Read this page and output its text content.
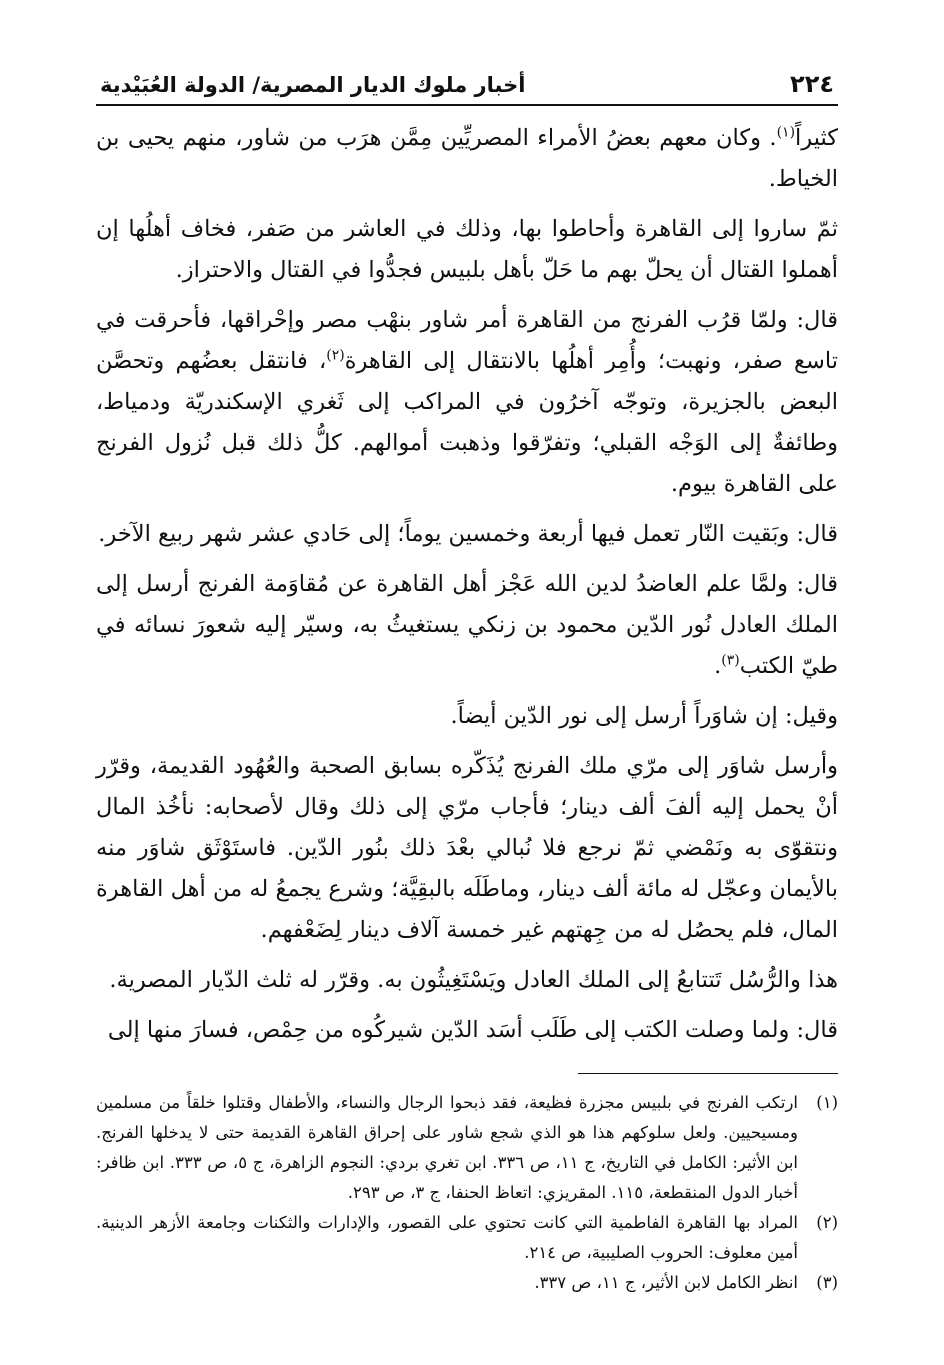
٢٢٤
أخبار ملوك الديار المصرية/ الدولة العُبَيْدية

كثيراً$^{(١)}$. وكان معهم بعضُ الأمراء المصريِّين مِمَّن هرَب من شاور، منهم يحيى بن الخياط.

ثمّ ساروا إلى القاهرة وأحاطوا بها، وذلك في العاشر من صَفر، فخاف أهلُها إن أهملوا القتال أن يحلّ بهم ما حَلّ بأهل بلبيس فجدُّوا في القتال والاحتراز.

قال: ولمّا قرُب الفرنج من القاهرة أمر شاور بنهْب مصر وإحْراقها، فأحرقت في تاسع صفر، ونهبت؛ وأُمِر أهلُها بالانتقال إلى القاهرة$^{(٢)}$، فانتقل بعضُهم وتحصَّن البعض بالجزيرة، وتوجّه آخرُون في المراكب إلى ثَغري الإسكندريّة ودمياط، وطائفةٌ إلى الوَجْه القبلي؛ وتفرّقوا وذهبت أموالهم. كلُّ ذلك قبل نُزول الفرنج على القاهرة بيوم.

قال: وبَقيت النّار تعمل فيها أربعة وخمسين يوماً؛ إلى حَادي عشر شهر ربيع الآخر.

قال: ولمَّا علم العاضدُ لدين الله عَجْز أهل القاهرة عن مُقاوَمة الفرنج أرسل إلى الملك العادل نُور الدّين محمود بن زنكي يستغيثُ به، وسيّر إليه شعورَ نسائه في طيّ الكتب$^{(٣)}$.

وقيل: إن شاوَراً أرسل إلى نور الدّين أيضاً.

وأرسل شاوَر إلى مرّي ملك الفرنج يُذَكّره بسابق الصحبة والعُهُود القديمة، وقرّر أنْ يحمل إليه ألفَ ألف دينار؛ فأجاب مرّي إلى ذلك وقال لأصحابه: نأخُذ المال ونتقوّى به ونَمْضي ثمّ نرجع فلا نُبالي بعْدَ ذلك بنُور الدّين. فاستَوْثَق شاوَر منه بالأيمان وعجّل له مائة ألف دينار، وماطَلَه بالبقِيَّة؛ وشرع يجمعُ له من أهل القاهرة المال، فلم يحصُل له من جِهتهم غير خمسة آلاف دينار لِضَعْفهم.

هذا والرُّسُل تَتتابعُ إلى الملك العادل ويَسْتَغِيثُون به. وقرّر له ثلث الدّيار المصرية.

قال: ولما وصلت الكتب إلى طَلَب أسَد الدّين شيركُوه من حِمْص، فسارَ منها إلى

(١)
ارتكب الفرنج في بلبيس مجزرة فظيعة، فقد ذبحوا الرجال والنساء، والأطفال وقتلوا خلقاً من مسلمين ومسيحيين. ولعل سلوكهم هذا هو الذي شجع شاور على إحراق القاهرة القديمة حتى لا يدخلها الفرنج. ابن الأثير: الكامل في التاريخ، ج ١١، ص ٣٣٦. ابن تغري بردي: النجوم الزاهرة، ج ٥، ص ٣٣٣. ابن ظافر: أخبار الدول المنقطعة، ١١٥. المقريزي: اتعاظ الحنفا، ج ٣، ص ٢٩٣.
(٢)
المراد بها القاهرة الفاطمية التي كانت تحتوي على القصور، والإدارات والثكنات وجامعة الأزهر الدينية. أمين معلوف: الحروب الصليبية، ص ٢١٤.
(٣)
انظر الكامل لابن الأثير، ج ١١، ص ٣٣٧.
